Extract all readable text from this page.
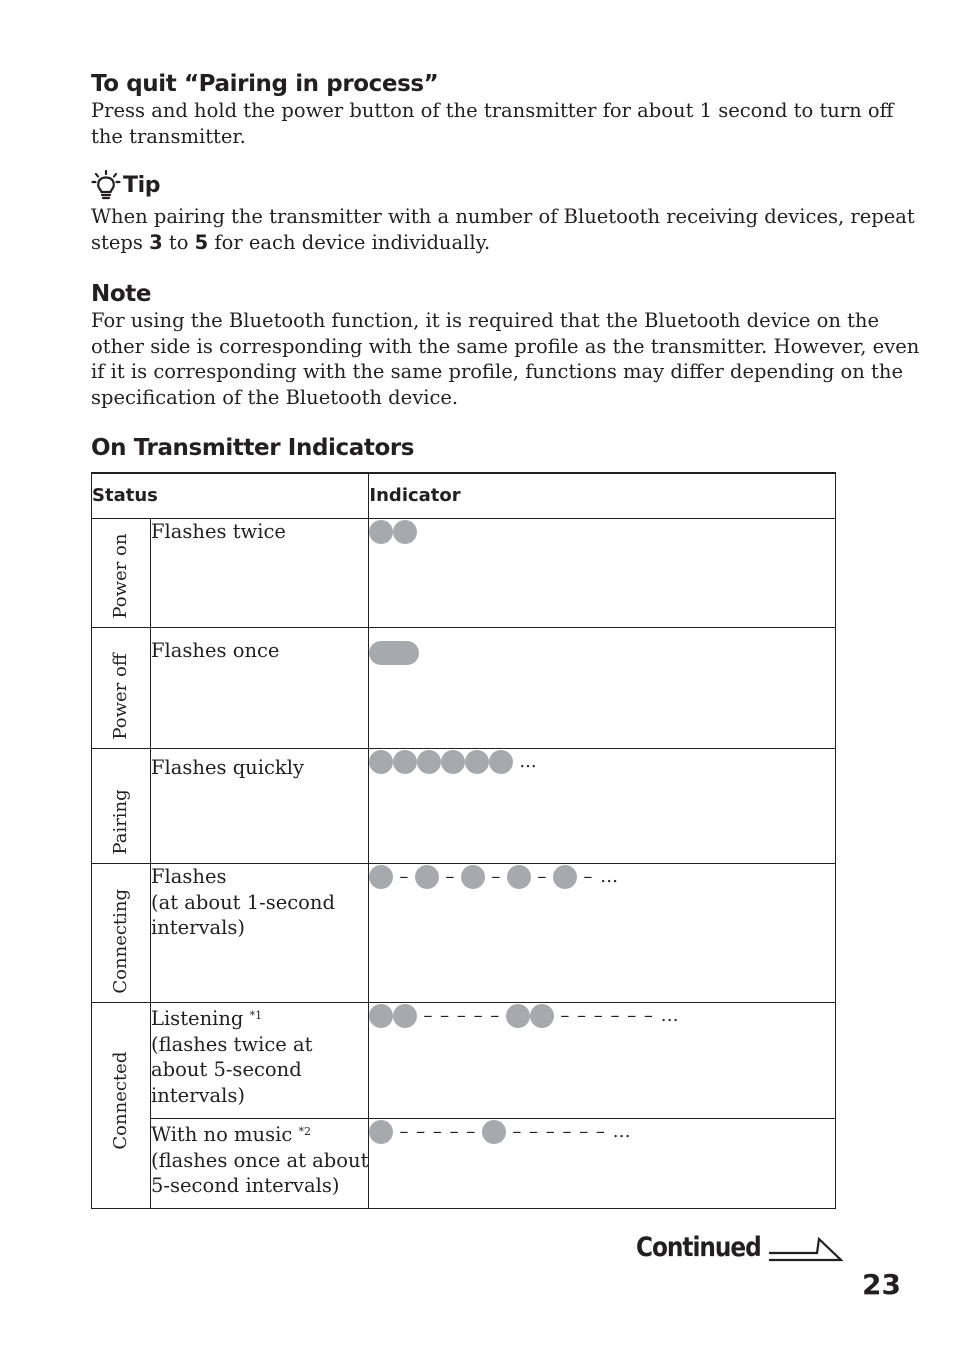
To quit “Pairing in process”

Press and hold the power button of the transmitter for about 1 second to turn off
the transmitter.

Tip

When pairing the transmitter with a number of Bluetooth receiving devices, repeat
steps 3 to 5 for each device individually.

Note

For using the Bluetooth function, it is required that the Bluetooth device on the
other side is corresponding with the same profile as the transmitter. However, even
if it is corresponding with the same profile, functions may differ depending on the
specification of the Bluetooth device.

On Transmitter Indicators
Status		Indicator

Power on	Flashes twice	

Power off	Flashes once	

Pairing	Flashes quickly	...

Connecting	Flashes
(at about 1-second
intervals)	– – – – – …

Connected	Listening $^{*1}$
(flashes twice at
about 5-second
intervals)	– – – – – – – – – – – …

	With no music $^{*2}$
(flashes once at about
5-second intervals)	– – – – – – – – – – – …
Continued
23
